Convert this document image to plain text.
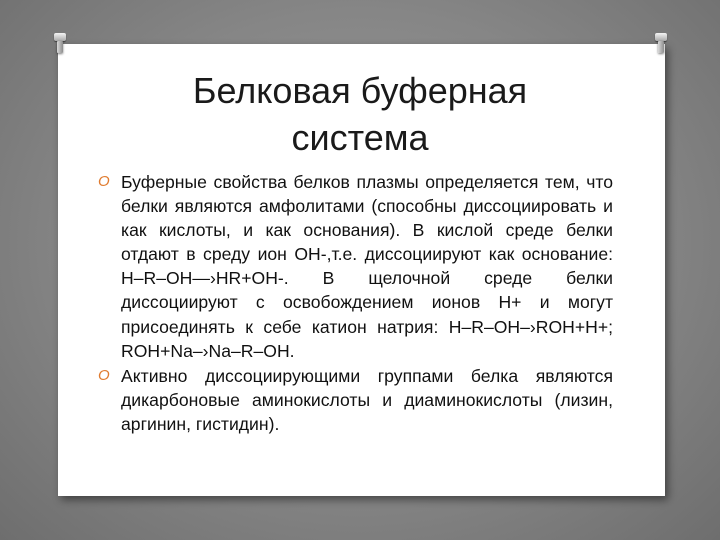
Белковая буферная
система
O Буферные свойства белков плазмы определяется тем, что белки являются амфолитами (способны диссоциировать и как кислоты, и как основания). В кислой среде белки отдают в среду ион ОН-,т.е. диссоциируют как основание: H–R–OH—›HR+OH-. В щелочной среде белки диссоциируют с освобождением ионов Н+ и могут присоединять к себе катион натрия: H–R–OH–›ROH+H+; ROH+Na–›Na–R–OH.
O Активно диссоциирующими группами белка являются дикарбоновые аминокислоты и диаминокислоты (лизин, аргинин, гистидин).
